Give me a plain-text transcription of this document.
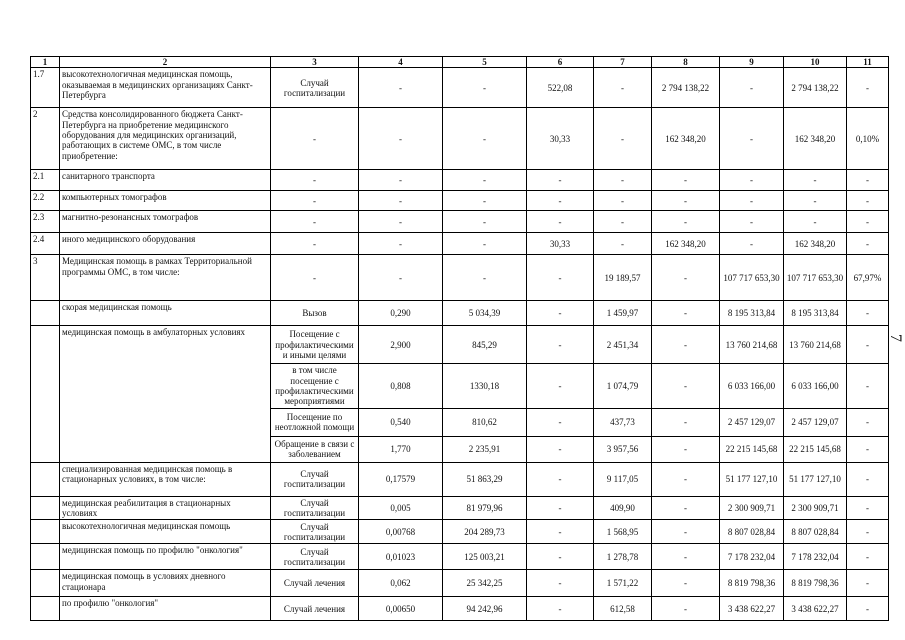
7
1	2	3	4	5	6	7	8	9	10	11
1.7	высокотехнологичная медицинская помощь, оказываемая в медицинских организациях Санкт-Петербурга	Случай госпитализации	-	-	522,08	-	2 794 138,22	-	2 794 138,22	-
2	Средства консолидированного бюджета Санкт-Петербурга на приобретение медицинского оборудования для медицинских организаций, работающих в системе ОМС, в том числе приобретение:	-	-	-	30,33	-	162 348,20	-	162 348,20	0,10%
2.1	санитарного транспорта	-	-	-	-	-	-	-	-	-
2.2	компьютерных томографов	-	-	-	-	-	-	-	-	-
2.3	магнитно-резонансных томографов	-	-	-	-	-	-	-	-	-
2.4	иного медицинского оборудования	-	-	-	30,33	-	162 348,20	-	162 348,20	-
3	Медицинская помощь в рамках Территориальной программы ОМС, в том числе:	-	-	-	-	19 189,57	-	107 717 653,30	107 717 653,30	67,97%
	скорая медицинская помощь	Вызов	0,290	5 034,39	-	1 459,97	-	8 195 313,84	8 195 313,84	-
	медицинская помощь в амбулаторных условиях	Посещение с профилактическими и иными целями	2,900	845,29	-	2 451,34	-	13 760 214,68	13 760 214,68	-
		в том числе посещение с профилактическими мероприятиями	0,808	1330,18	-	1 074,79	-	6 033 166,00	6 033 166,00	-
		Посещение по неотложной помощи	0,540	810,62	-	437,73	-	2 457 129,07	2 457 129,07	-
		Обращение в связи с заболеванием	1,770	2 235,91	-	3 957,56	-	22 215 145,68	22 215 145,68	-
	специализированная медицинская помощь в стационарных условиях, в том числе:	Случай госпитализации	0,17579	51 863,29	-	9 117,05	-	51 177 127,10	51 177 127,10	-
	медицинская реабилитация в стационарных условиях	Случай госпитализации	0,005	81 979,96	-	409,90	-	2 300 909,71	2 300 909,71	-
	высокотехнологичная медицинская помощь	Случай госпитализации	0,00768	204 289,73	-	1 568,95	-	8 807 028,84	8 807 028,84	-
	медицинская помощь по профилю "онкология"	Случай госпитализации	0,01023	125 003,21	-	1 278,78	-	7 178 232,04	7 178 232,04	-
	медицинская помощь в условиях дневного стационара	Случай лечения	0,062	25 342,25	-	1 571,22	-	8 819 798,36	8 819 798,36	-
	по профилю "онкология"	Случай лечения	0,00650	94 242,96	-	612,58	-	3 438 622,27	3 438 622,27	-
